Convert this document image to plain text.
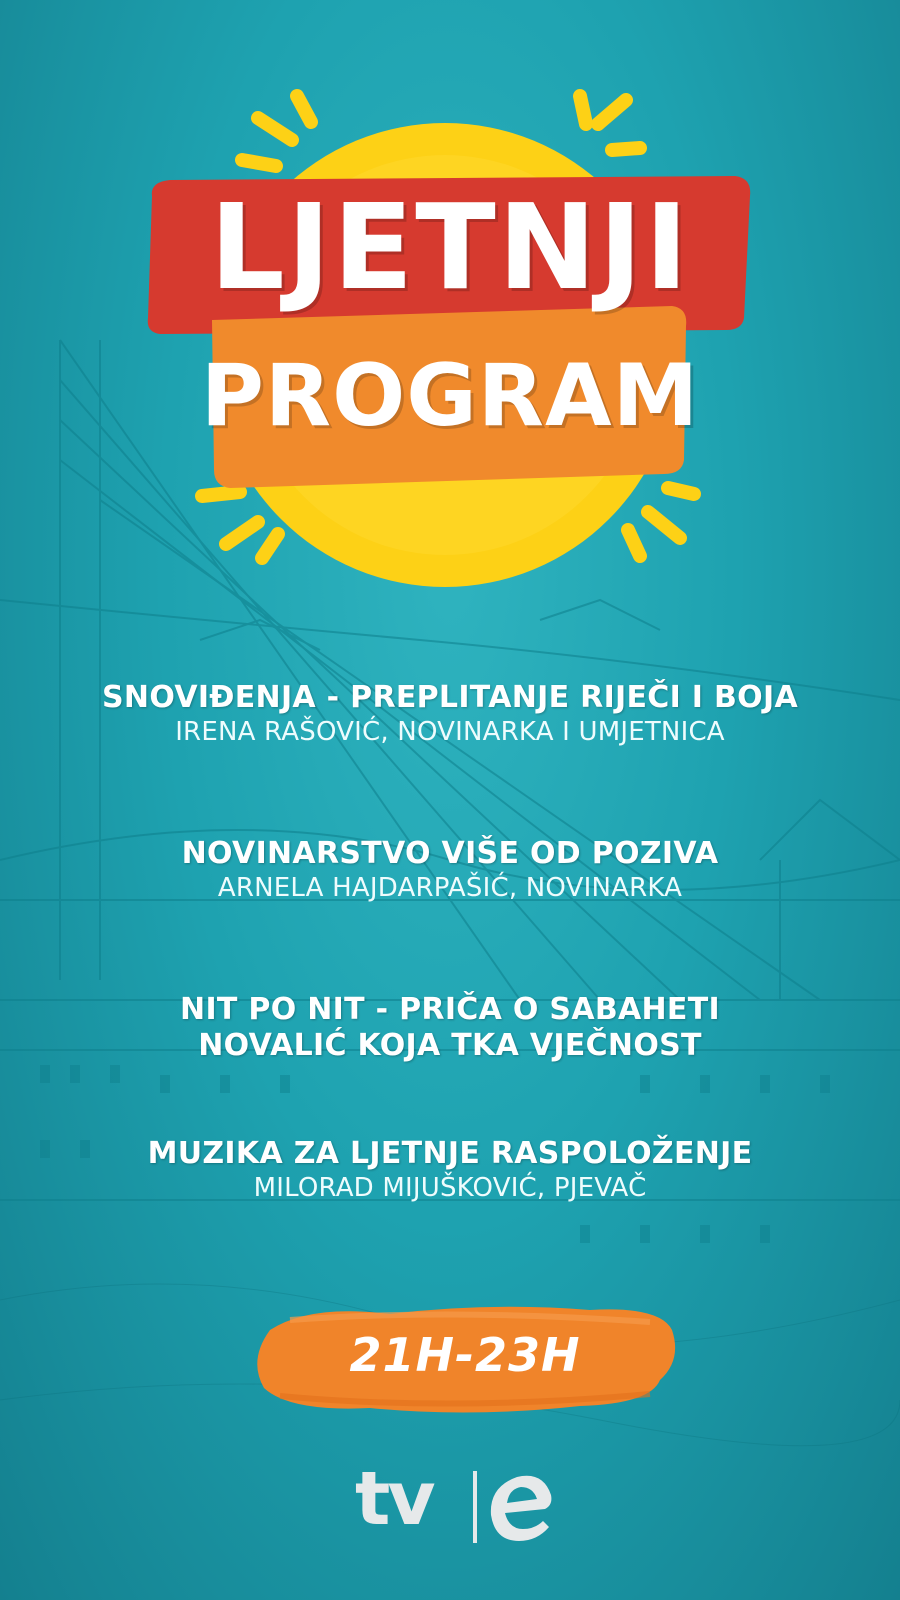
LJETNJI
PROGRAM
SNOVIĐENJA - PREPLITANJE RIJEČI I BOJA
IRENA RAŠOVIĆ, NOVINARKA I UMJETNICA
NOVINARSTVO VIŠE OD POZIVA
ARNELA HAJDARPAŠIĆ, NOVINARKA
NIT PO NIT - PRIČA O SABAHETI
NOVALIĆ KOJA TKA VJEČNOST
MUZIKA ZA LJETNJE RASPOLOŽENJE
MILORAD MIJUŠKOVIĆ, PJEVAČ
21H-23H
tv
